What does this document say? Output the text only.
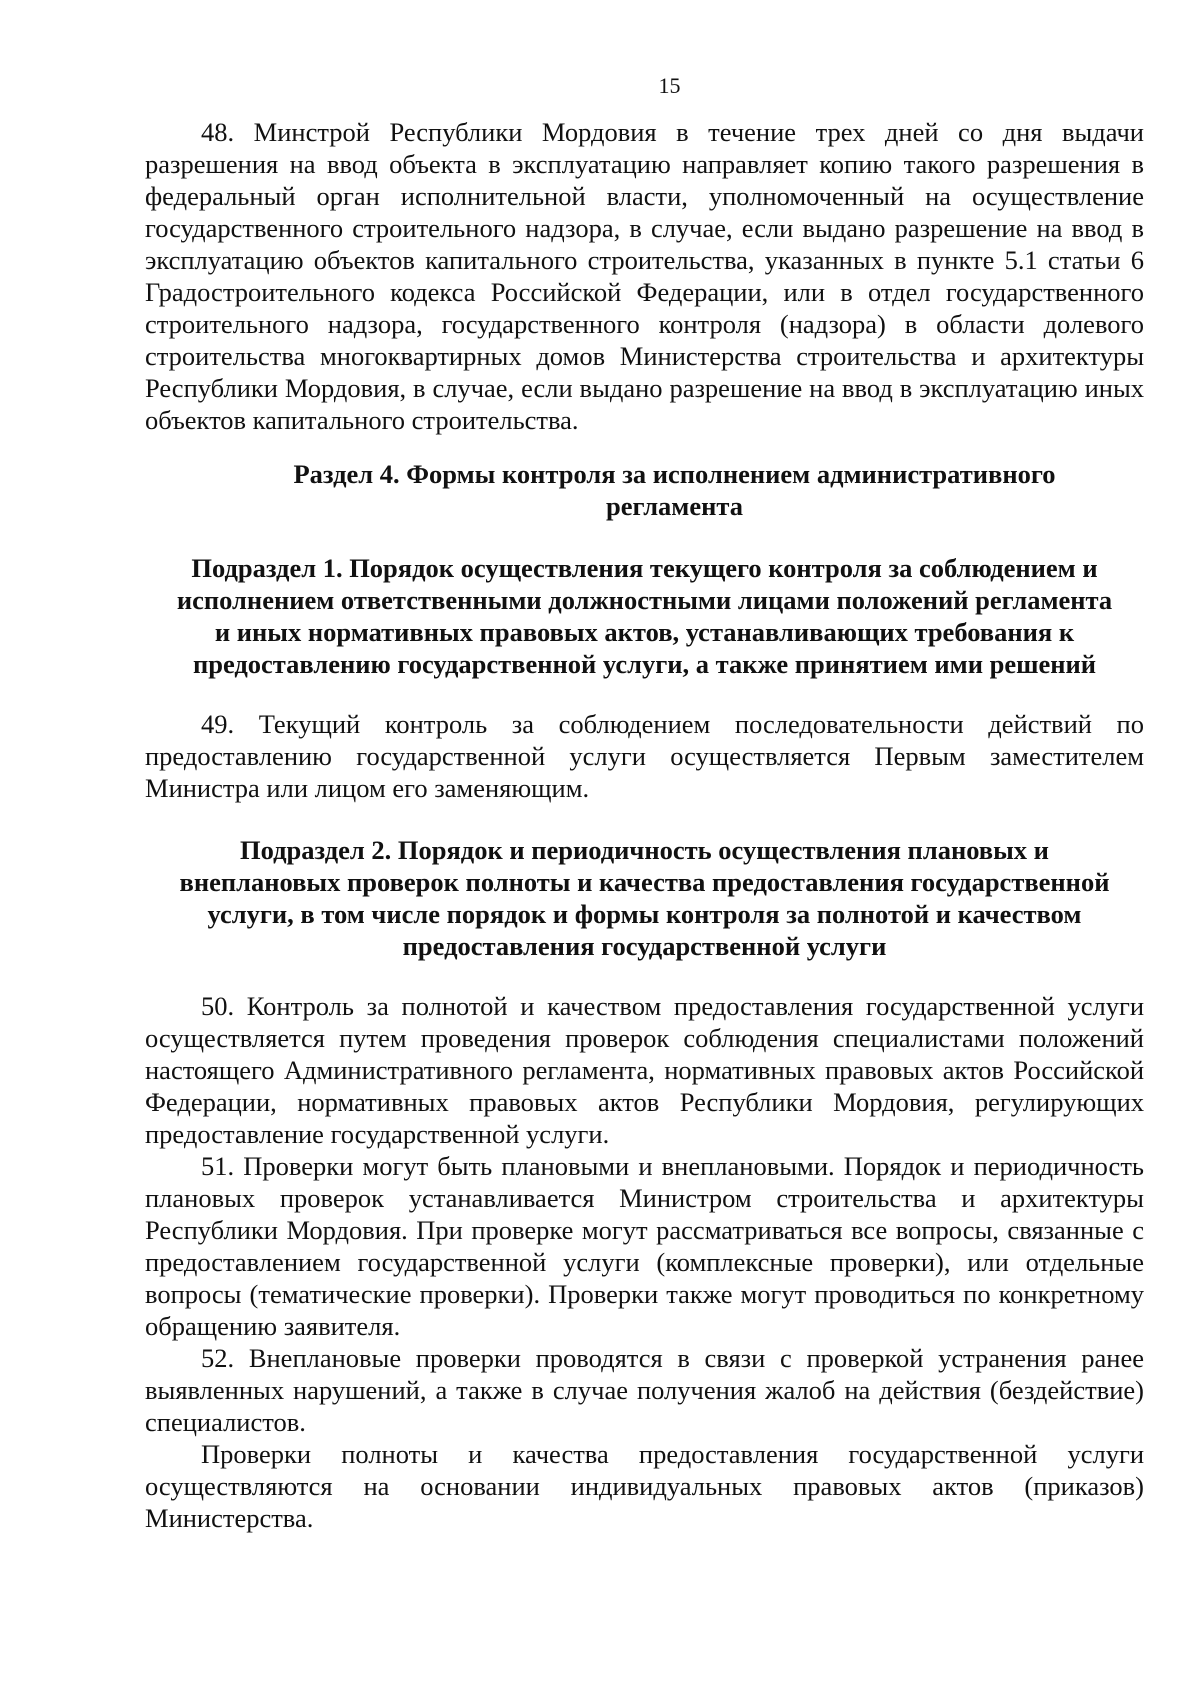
15

48. Минстрой Республики Мордовия в течение трех дней со дня выдачи разрешения на ввод объекта в эксплуатацию направляет копию такого разрешения в федеральный орган исполнительной власти, уполномоченный на осуществление государственного строительного надзора, в случае, если выдано разрешение на ввод в эксплуатацию объектов капитального строительства, указанных в пункте 5.1 статьи 6 Градостроительного кодекса Российской Федерации, или в отдел государственного строительного надзора, государственного контроля (надзора) в области долевого строительства многоквартирных домов Министерства строительства и архитектуры Республики Мордовия, в случае, если выдано разрешение на ввод в эксплуатацию иных объектов капитального строительства.

Раздел 4. Формы контроля за исполнением административного
регламента
Подраздел 1. Порядок осуществления текущего контроля за соблюдением и
исполнением ответственными должностными лицами положений регламента
и иных нормативных правовых актов, устанавливающих требования к
предоставлению государственной услуги, а также принятием ими решений

49. Текущий контроль за соблюдением последовательности действий по предоставлению государственной услуги осуществляется Первым заместителем Министра или лицом его заменяющим.

Подраздел 2. Порядок и периодичность осуществления плановых и
внеплановых проверок полноты и качества предоставления государственной
услуги, в том числе порядок и формы контроля за полнотой и качеством
предоставления государственной услуги

50. Контроль за полнотой и качеством предоставления государственной услуги осуществляется путем проведения проверок соблюдения специалистами положений настоящего Административного регламента, нормативных правовых актов Российской Федерации, нормативных правовых актов Республики Мордовия, регулирующих предоставление государственной услуги.

51. Проверки могут быть плановыми и внеплановыми. Порядок и периодичность плановых проверок устанавливается Министром строительства и архитектуры Республики Мордовия. При проверке могут рассматриваться все вопросы, связанные с предоставлением государственной услуги (комплексные проверки), или отдельные вопросы (тематические проверки). Проверки также могут проводиться по конкретному обращению заявителя.

52. Внеплановые проверки проводятся в связи с проверкой устранения ранее выявленных нарушений, а также в случае получения жалоб на действия (бездействие) специалистов.

Проверки полноты и качества предоставления государственной услуги осуществляются на основании индивидуальных правовых актов (приказов) Министерства.
